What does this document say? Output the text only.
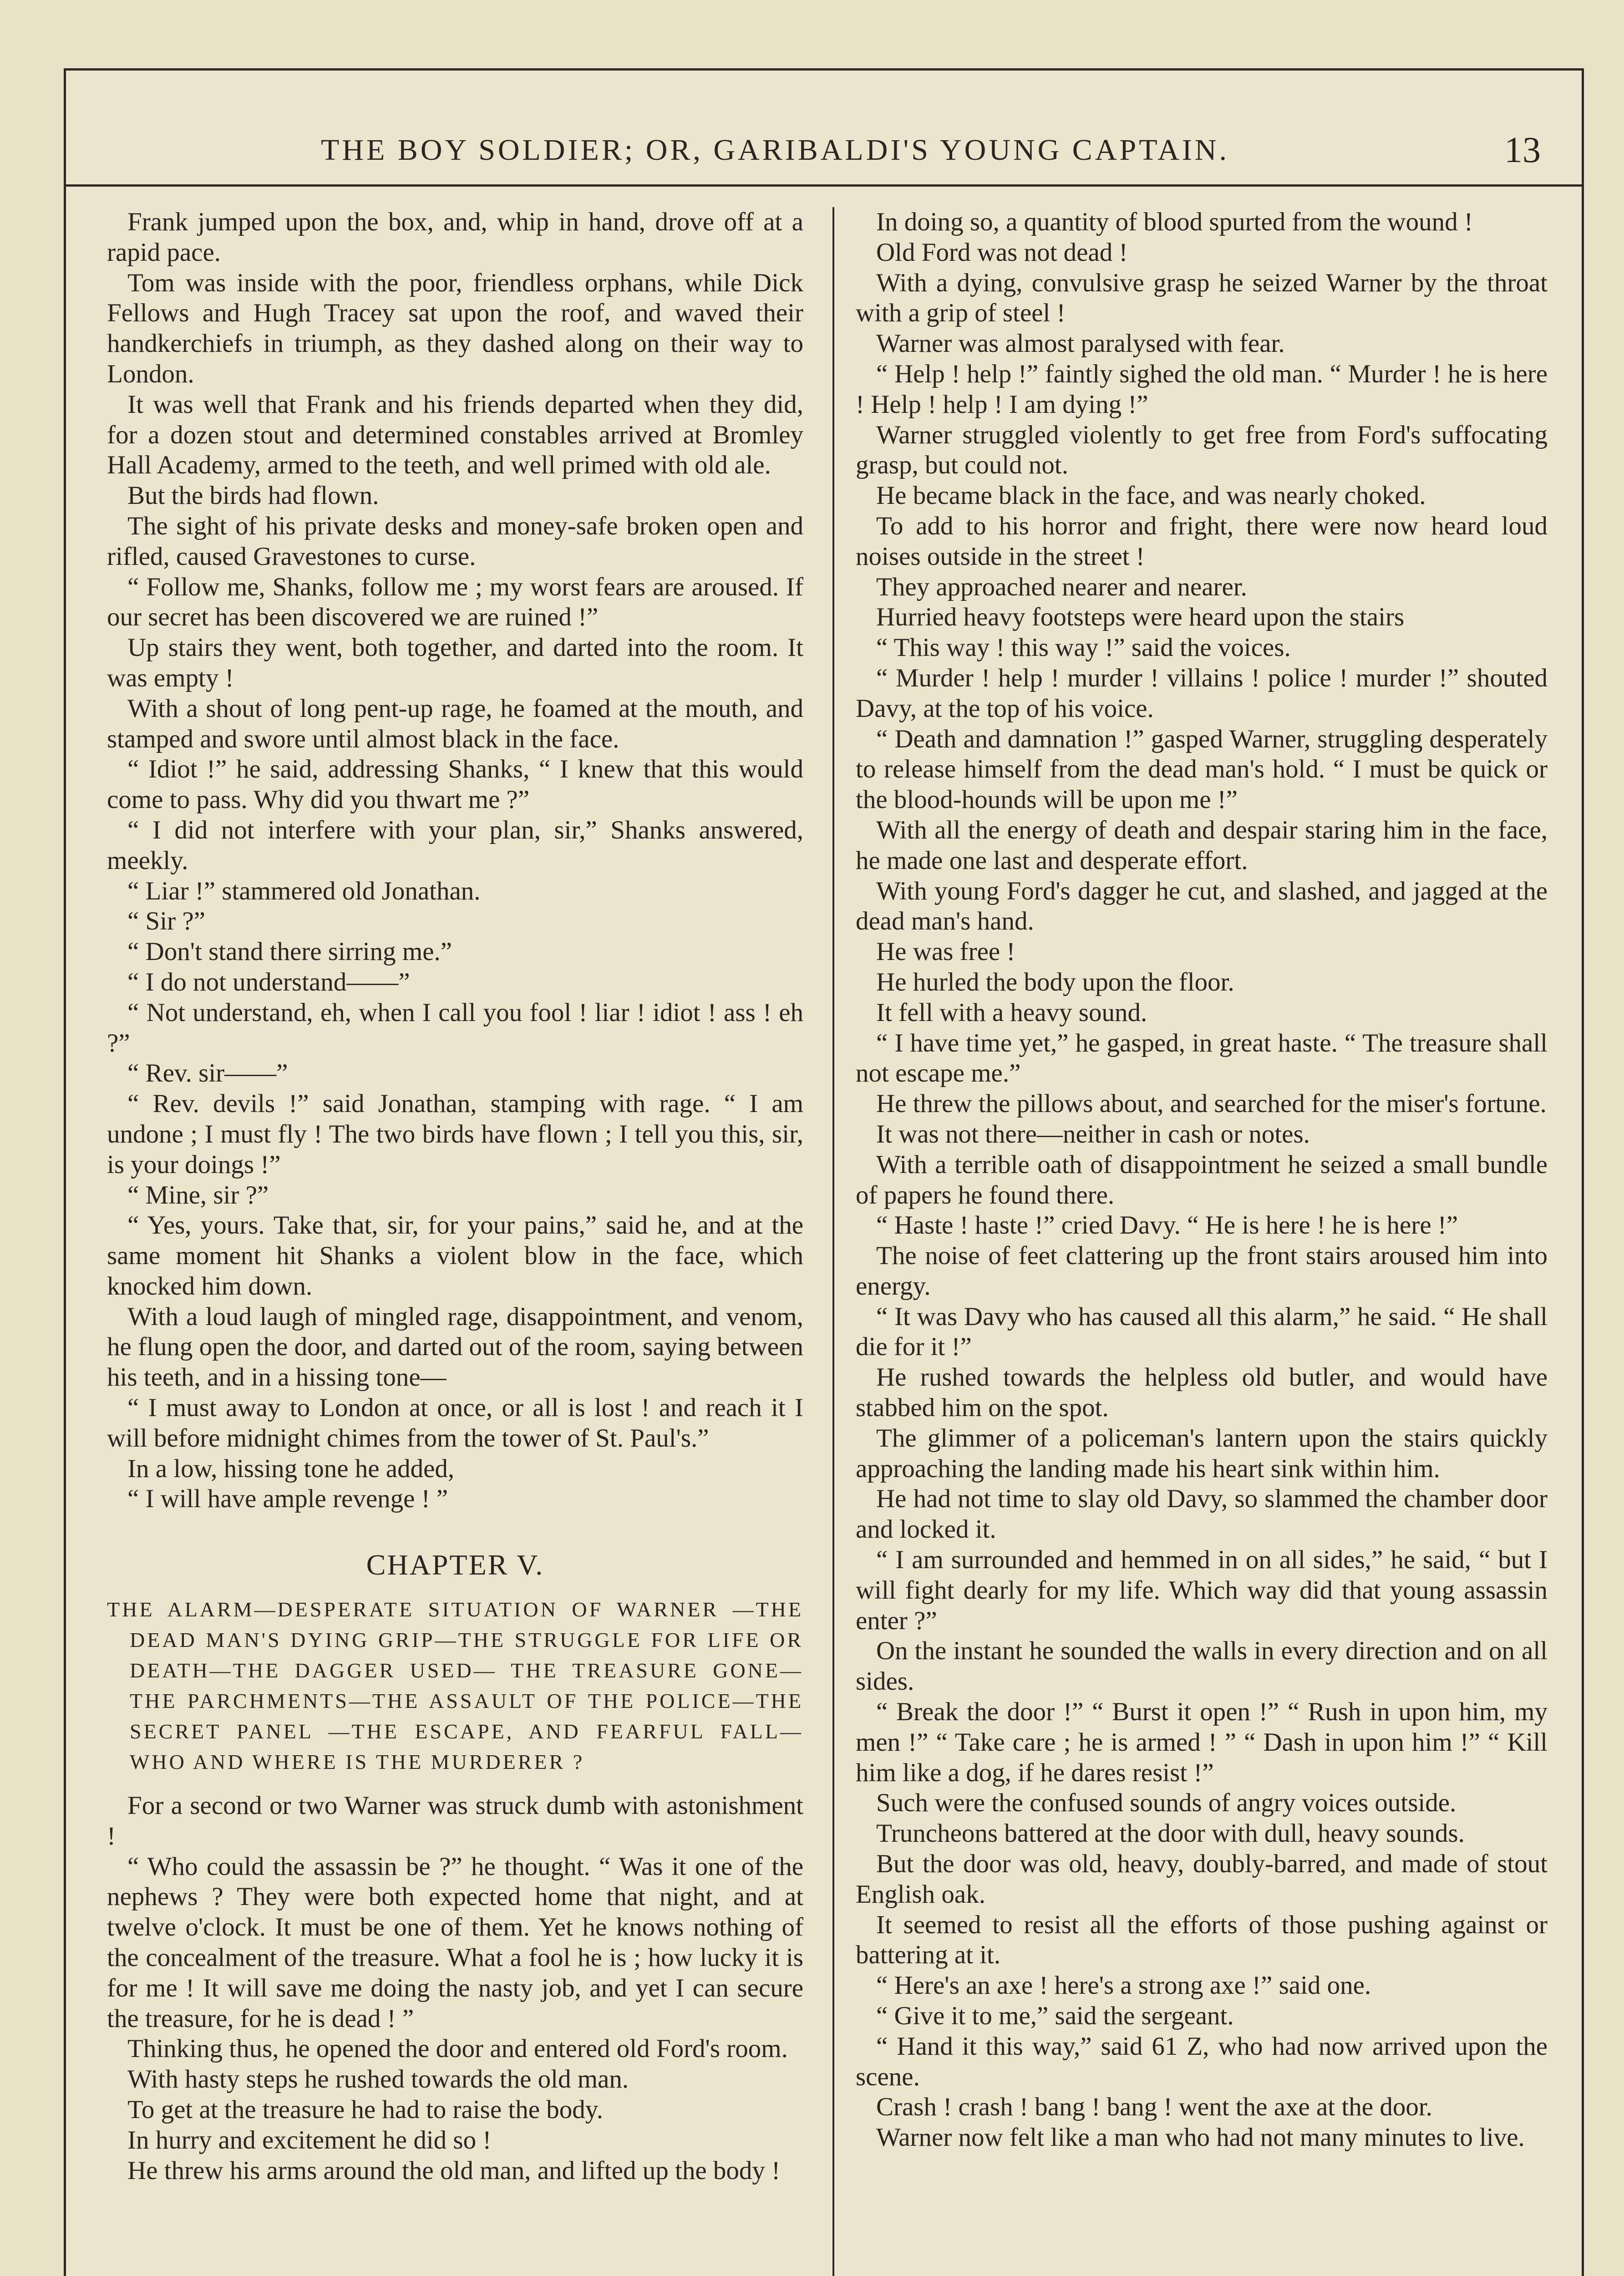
THE BOY SOLDIER; OR, GARIBALDI'S YOUNG CAPTAIN.	13

Frank jumped upon the box, and, whip in hand, drove off at a rapid pace.

Tom was inside with the poor, friendless orphans, while Dick Fellows and Hugh Tracey sat upon the roof, and waved their handkerchiefs in triumph, as they dashed along on their way to London.

It was well that Frank and his friends departed when they did, for a dozen stout and determined constables arrived at Bromley Hall Academy, armed to the teeth, and well primed with old ale.

But the birds had flown.

The sight of his private desks and money-safe broken open and rifled, caused Gravestones to curse.

“ Follow me, Shanks, follow me ; my worst fears are aroused. If our secret has been discovered we are ruined !”

Up stairs they went, both together, and darted into the room. It was empty !

With a shout of long pent-up rage, he foamed at the mouth, and stamped and swore until almost black in the face.

“ Idiot !” he said, addressing Shanks, “ I knew that this would come to pass. Why did you thwart me ?”

“ I did not interfere with your plan, sir,” Shanks answered, meekly.

“ Liar !” stammered old Jonathan.

“ Sir ?”

“ Don't stand there sirring me.”

“ I do not understand——”

“ Not understand, eh, when I call you fool ! liar ! idiot ! ass ! eh ?”

“ Rev. sir——”

“ Rev. devils !” said Jonathan, stamping with rage. “ I am undone ; I must fly ! The two birds have flown ; I tell you this, sir, is your doings !”

“ Mine, sir ?”

“ Yes, yours. Take that, sir, for your pains,” said he, and at the same moment hit Shanks a violent blow in the face, which knocked him down.

With a loud laugh of mingled rage, disappointment, and venom, he flung open the door, and darted out of the room, saying between his teeth, and in a hissing tone—

“ I must away to London at once, or all is lost ! and reach it I will before midnight chimes from the tower of St. Paul's.”

In a low, hissing tone he added,

“ I will have ample revenge ! ”

CHAPTER V.
THE ALARM—DESPERATE SITUATION OF WARNER —THE DEAD MAN'S DYING GRIP—THE STRUGGLE FOR LIFE OR DEATH—THE DAGGER USED— THE TREASURE GONE—THE PARCHMENTS—THE ASSAULT OF THE POLICE—THE SECRET PANEL —THE ESCAPE, AND FEARFUL FALL—WHO AND WHERE IS THE MURDERER ?

For a second or two Warner was struck dumb with astonishment !

“ Who could the assassin be ?” he thought. “ Was it one of the nephews ? They were both expected home that night, and at twelve o'clock. It must be one of them. Yet he knows nothing of the concealment of the treasure. What a fool he is ; how lucky it is for me ! It will save me doing the nasty job, and yet I can secure the treasure, for he is dead ! ”

Thinking thus, he opened the door and entered old Ford's room.

With hasty steps he rushed towards the old man.

To get at the treasure he had to raise the body.

In hurry and excitement he did so !

He threw his arms around the old man, and lifted up the body !

In doing so, a quantity of blood spurted from the wound !

Old Ford was not dead !

With a dying, convulsive grasp he seized Warner by the throat with a grip of steel !

Warner was almost paralysed with fear.

“ Help ! help !” faintly sighed the old man. “ Murder ! he is here ! Help ! help ! I am dying !”

Warner struggled violently to get free from Ford's suffocating grasp, but could not.

He became black in the face, and was nearly choked.

To add to his horror and fright, there were now heard loud noises outside in the street !

They approached nearer and nearer.

Hurried heavy footsteps were heard upon the stairs

“ This way ! this way !” said the voices.

“ Murder ! help ! murder ! villains ! police ! murder !” shouted Davy, at the top of his voice.

“ Death and damnation !” gasped Warner, struggling desperately to release himself from the dead man's hold. “ I must be quick or the blood-hounds will be upon me !”

With all the energy of death and despair staring him in the face, he made one last and desperate effort.

With young Ford's dagger he cut, and slashed, and jagged at the dead man's hand.

He was free !

He hurled the body upon the floor.

It fell with a heavy sound.

“ I have time yet,” he gasped, in great haste. “ The treasure shall not escape me.”

He threw the pillows about, and searched for the miser's fortune.

It was not there—neither in cash or notes.

With a terrible oath of disappointment he seized a small bundle of papers he found there.

“ Haste ! haste !” cried Davy. “ He is here ! he is here !”

The noise of feet clattering up the front stairs aroused him into energy.

“ It was Davy who has caused all this alarm,” he said. “ He shall die for it !”

He rushed towards the helpless old butler, and would have stabbed him on the spot.

The glimmer of a policeman's lantern upon the stairs quickly approaching the landing made his heart sink within him.

He had not time to slay old Davy, so slammed the chamber door and locked it.

“ I am surrounded and hemmed in on all sides,” he said, “ but I will fight dearly for my life. Which way did that young assassin enter ?”

On the instant he sounded the walls in every direction and on all sides.

“ Break the door !” “ Burst it open !” “ Rush in upon him, my men !” “ Take care ; he is armed ! ” “ Dash in upon him !” “ Kill him like a dog, if he dares resist !”

Such were the confused sounds of angry voices outside.

Truncheons battered at the door with dull, heavy sounds.

But the door was old, heavy, doubly-barred, and made of stout English oak.

It seemed to resist all the efforts of those pushing against or battering at it.

“ Here's an axe ! here's a strong axe !” said one.

“ Give it to me,” said the sergeant.

“ Hand it this way,” said 61 Z, who had now arrived upon the scene.

Crash ! crash ! bang ! bang ! went the axe at the door.

Warner now felt like a man who had not many minutes to live.
